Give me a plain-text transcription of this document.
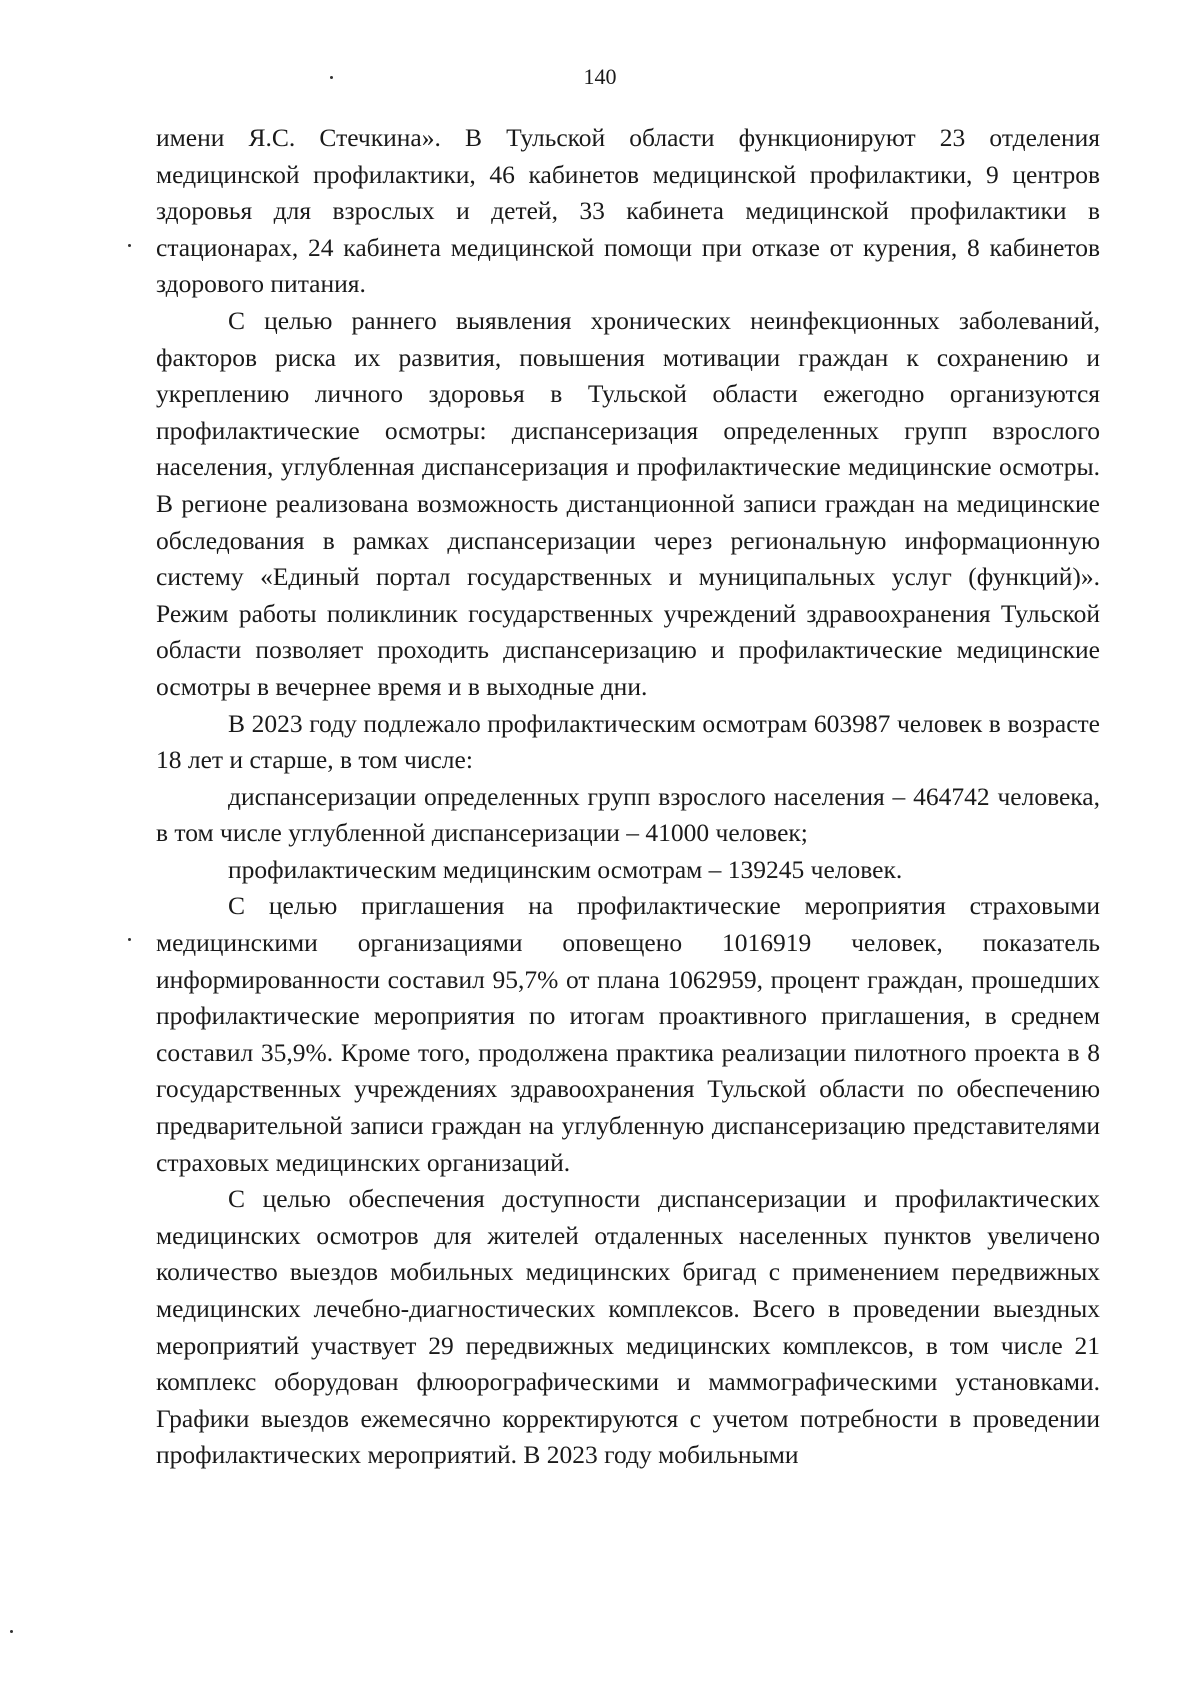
140

имени Я.С. Стечкина». В Тульской области функционируют 23 отделения медицинской профилактики, 46 кабинетов медицинской профилактики, 9 центров здоровья для взрослых и детей, 33 кабинета медицинской профилактики в стационарах, 24 кабинета медицинской помощи при отказе от курения, 8 кабинетов здорового питания.

С целью раннего выявления хронических неинфекционных заболеваний, факторов риска их развития, повышения мотивации граждан к сохранению и укреплению личного здоровья в Тульской области ежегодно организуются профилактические осмотры: диспансеризация определенных групп взрослого населения, углубленная диспансеризация и профилактические медицинские осмотры. В регионе реализована возможность дистанционной записи граждан на медицинские обследования в рамках диспансеризации через региональную информационную систему «Единый портал государственных и муниципальных услуг (функций)». Режим работы поликлиник государственных учреждений здравоохранения Тульской области позволяет проходить диспансеризацию и профилактические медицинские осмотры в вечернее время и в выходные дни.

В 2023 году подлежало профилактическим осмотрам 603987 человек в возрасте 18 лет и старше, в том числе:

диспансеризации определенных групп взрослого населения – 464742 человека, в том числе углубленной диспансеризации – 41000 человек;

профилактическим медицинским осмотрам – 139245 человек.

С целью приглашения на профилактические мероприятия страховыми медицинскими организациями оповещено 1016919 человек, показатель информированности составил 95,7% от плана 1062959, процент граждан, прошедших профилактические мероприятия по итогам проактивного приглашения, в среднем составил 35,9%. Кроме того, продолжена практика реализации пилотного проекта в 8 государственных учреждениях здравоохранения Тульской области по обеспечению предварительной записи граждан на углубленную диспансеризацию представителями страховых медицинских организаций.

С целью обеспечения доступности диспансеризации и профилактических медицинских осмотров для жителей отдаленных населенных пунктов увеличено количество выездов мобильных медицинских бригад с применением передвижных медицинских лечебно-диагностических комплексов. Всего в проведении выездных мероприятий участвует 29 передвижных медицинских комплексов, в том числе 21 комплекс оборудован флюорографическими и маммографическими установками. Графики выездов ежемесячно корректируются с учетом потребности в проведении профилактических мероприятий. В 2023 году мобильными
